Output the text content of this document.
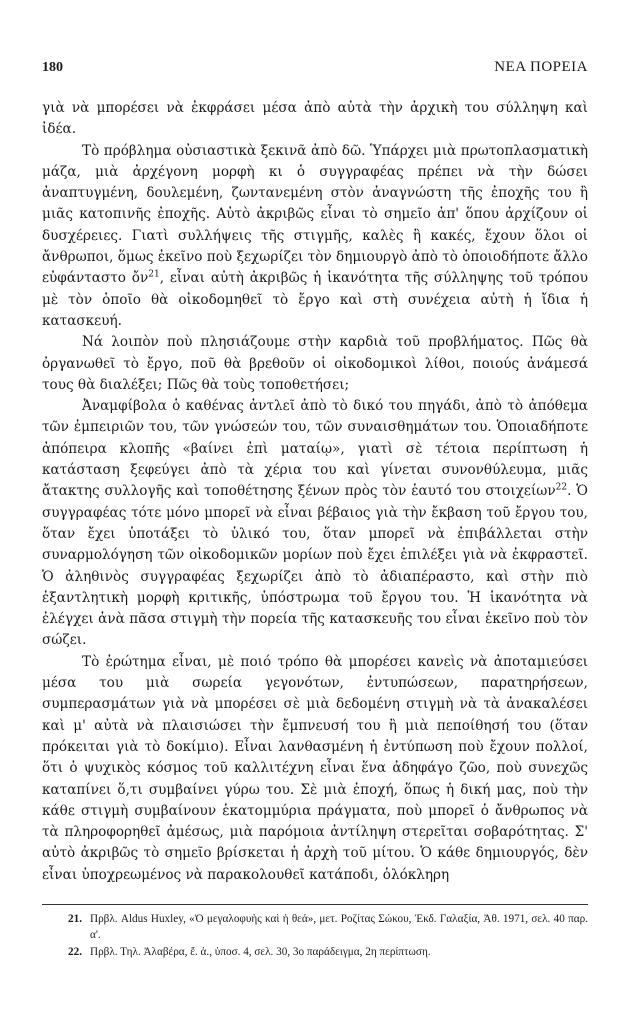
180	ΝΕΑ ΠΟΡΕΙΑ

γιὰ νὰ μπορέσει νὰ ἐκφράσει μέσα ἀπὸ αὐτὰ τὴν ἀρχικὴ του σύλληψη καὶ ἰδέα.

Τὸ πρόβλημα οὐσιαστικὰ ξεκινᾶ ἀπὸ δῶ. Ὑπάρχει μιὰ πρωτοπλασματικὴ μάζα, μιὰ ἀρχέγονη μορφὴ κι ὁ συγγραφέας πρέπει νὰ τὴν δώσει ἀναπτυγμένη, δουλεμένη, ζωντανεμένη στὸν ἀναγνώστη τῆς ἐποχῆς του ἢ μιᾶς κατοπινῆς ἐποχῆς. Αὐτὸ ἀκριβῶς εἶναι τὸ σημεῖο ἀπ' ὅπου ἀρχίζουν οἱ δυσχέρειες. Γιατὶ συλλήψεις τῆς στιγμῆς, καλὲς ἢ κακές, ἔχουν ὅλοι οἱ ἄνθρωποι, ὅμως ἐκεῖνο ποὺ ξεχωρίζει τὸν δημιουργὸ ἀπὸ τὸ ὁποιοδήποτε ἄλλο εὐφάνταστο ὄν$^{21}$, εἶναι αὐτὴ ἀκριβῶς ἡ ἱκανότητα τῆς σύλληψης τοῦ τρόπου μὲ τὸν ὁποῖο θὰ οἰκοδομηθεῖ τὸ ἔργο καὶ στὴ συνέχεια αὐτὴ ἡ ἴδια ἡ κατασκευή.

Νά λοιπὸν ποὺ πλησιάζουμε στὴν καρδιὰ τοῦ προβλήματος. Πῶς θὰ ὀργανωθεῖ τὸ ἔργο, ποῦ θὰ βρεθοῦν οἱ οἰκοδομικοὶ λίθοι, ποιούς ἀνάμεσά τους θὰ διαλέξει; Πῶς θὰ τοὺς τοποθετήσει;

Ἀναμφίβολα ὁ καθένας ἀντλεῖ ἀπὸ τὸ δικό του πηγάδι, ἀπὸ τὸ ἀπόθεμα τῶν ἐμπειριῶν του, τῶν γνώσεών του, τῶν συναισθημάτων του. Ὁποιαδήποτε ἀπόπειρα κλοπῆς «βαίνει ἐπὶ ματαίῳ», γιατὶ σὲ τέτοια περίπτωση ἡ κατάσταση ξεφεύγει ἀπὸ τὰ χέρια του καὶ γίνεται συνονθύλευμα, μιᾶς ἄτακτης συλλογῆς καὶ τοποθέτησης ξένων πρὸς τὸν ἑαυτό του στοιχείων$^{22}$. Ὁ συγγραφέας τότε μόνο μπορεῖ νὰ εἶναι βέβαιος γιὰ τὴν ἔκβαση τοῦ ἔργου του, ὅταν ἔχει ὑποτάξει τὸ ὑλικό του, ὅταν μπορεῖ νὰ ἐπιβάλλεται στὴν συναρμολόγηση τῶν οἰκοδομικῶν μορίων ποὺ ἔχει ἐπιλέξει γιὰ νὰ ἐκφραστεῖ. Ὁ ἀληθινὸς συγγραφέας ξεχωρίζει ἀπὸ τὸ ἀδιαπέραστο, καὶ στὴν πιὸ ἐξαντλητικὴ μορφὴ κριτικῆς, ὑπόστρωμα τοῦ ἔργου του. Ἡ ἱκανότητα νὰ ἐλέγχει ἀνὰ πᾶσα στιγμὴ τὴν πορεία τῆς κατασκευῆς του εἶναι ἐκεῖνο ποὺ τὸν σώζει.

Τὸ ἐρώτημα εἶναι, μὲ ποιό τρόπο θὰ μπορέσει κανεὶς νὰ ἀποταμιεύσει μέσα του μιὰ σωρεία γεγονότων, ἐντυπώσεων, παρατηρήσεων, συμπερασμάτων γιὰ νὰ μπορέσει σὲ μιὰ δεδομένη στιγμὴ νὰ τὰ ἀνακαλέσει καὶ μ' αὐτὰ νὰ πλαισιώσει τὴν ἔμπνευσή του ἢ μιὰ πεποίθησή του (ὅταν πρόκειται γιὰ τὸ δοκίμιο). Εἶναι λανθασμένη ἡ ἐντύπωση ποὺ ἔχουν πολλοί, ὅτι ὁ ψυχικὸς κόσμος τοῦ καλλιτέχνη εἶναι ἕνα ἀδηφάγο ζῶο, ποὺ συνεχῶς καταπίνει ὅ,τι συμβαίνει γύρω του. Σὲ μιὰ ἐποχή, ὅπως ἡ δική μας, ποὺ τὴν κάθε στιγμὴ συμβαίνουν ἑκατομμύρια πράγματα, ποὺ μπορεῖ ὁ ἄνθρωπος νὰ τὰ πληροφορηθεῖ ἀμέσως, μιὰ παρόμοια ἀντίληψη στερεῖται σοβαρότητας. Σ' αὐτὸ ἀκριβῶς τὸ σημεῖο βρίσκεται ἡ ἀρχὴ τοῦ μίτου. Ὁ κάθε δημιουργός, δὲν εἶναι ὑποχρεωμένος νὰ παρακολουθεῖ κατάποδι, ὁλόκληρη

21. Πρβλ. Aldus Huxley, «Ὁ μεγαλοφυὴς καὶ ἡ θεά», μετ. Ροζίτας Σώκου, Ἐκδ. Γαλαξία, Ἀθ. 1971, σελ. 40 παρ. α'.
22. Πρβλ. Τηλ. Ἀλαβέρα, ἔ. ἀ., ὑποσ. 4, σελ. 30, 3ο παράδειγμα, 2η περίπτωση.
